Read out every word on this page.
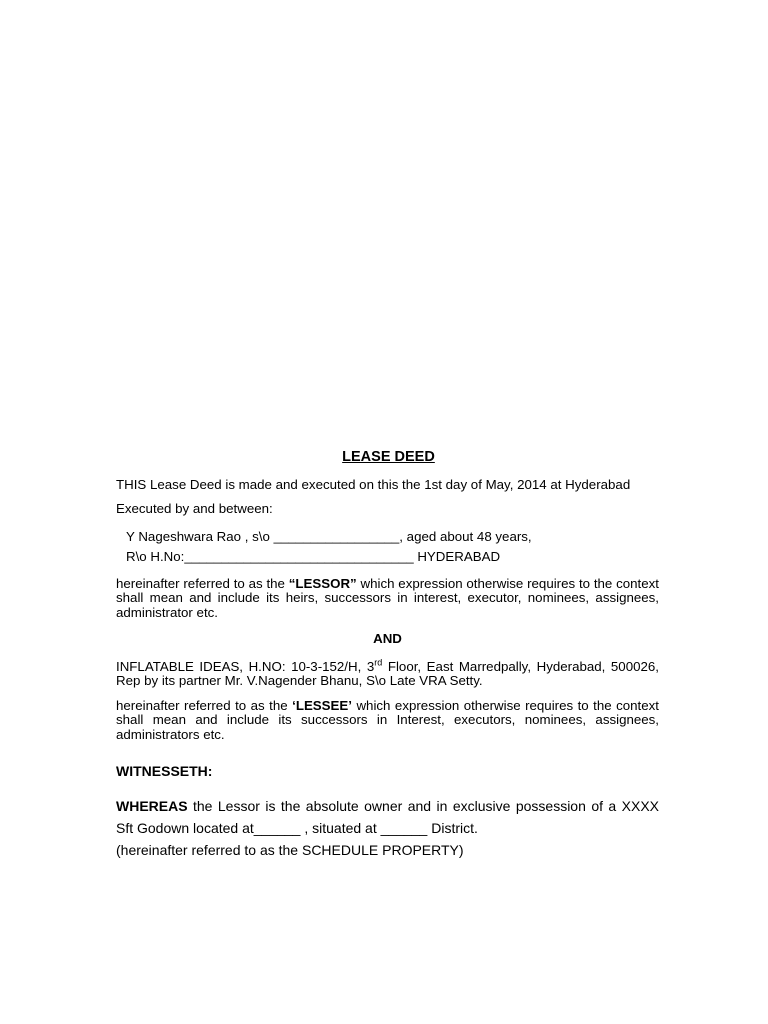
LEASE DEED

THIS Lease Deed is made and executed on this the 1st day of May, 2014 at Hyderabad

Executed by and between:

Y Nageshwara Rao , s\o _________________, aged about 48 years,

R\o H.No:_______________________________ HYDERABAD

hereinafter referred to as the “LESSOR” which expression otherwise requires to the context shall mean and include its heirs, successors in interest, executor, nominees, assignees, administrator etc.

AND

INFLATABLE IDEAS, H.NO: 10-3-152/H, 3rd Floor, East Marredpally, Hyderabad, 500026, Rep by its partner Mr. V.Nagender Bhanu, S\o Late VRA Setty.

hereinafter referred to as the ‘LESSEE’ which expression otherwise requires to the context shall mean and include its successors in Interest, executors, nominees, assignees, administrators etc.

WITNESSETH:

WHEREAS the Lessor is the absolute owner and in exclusive possession of a XXXX Sft Godown located at______ , situated at ______ District.
(hereinafter referred to as the SCHEDULE PROPERTY)
